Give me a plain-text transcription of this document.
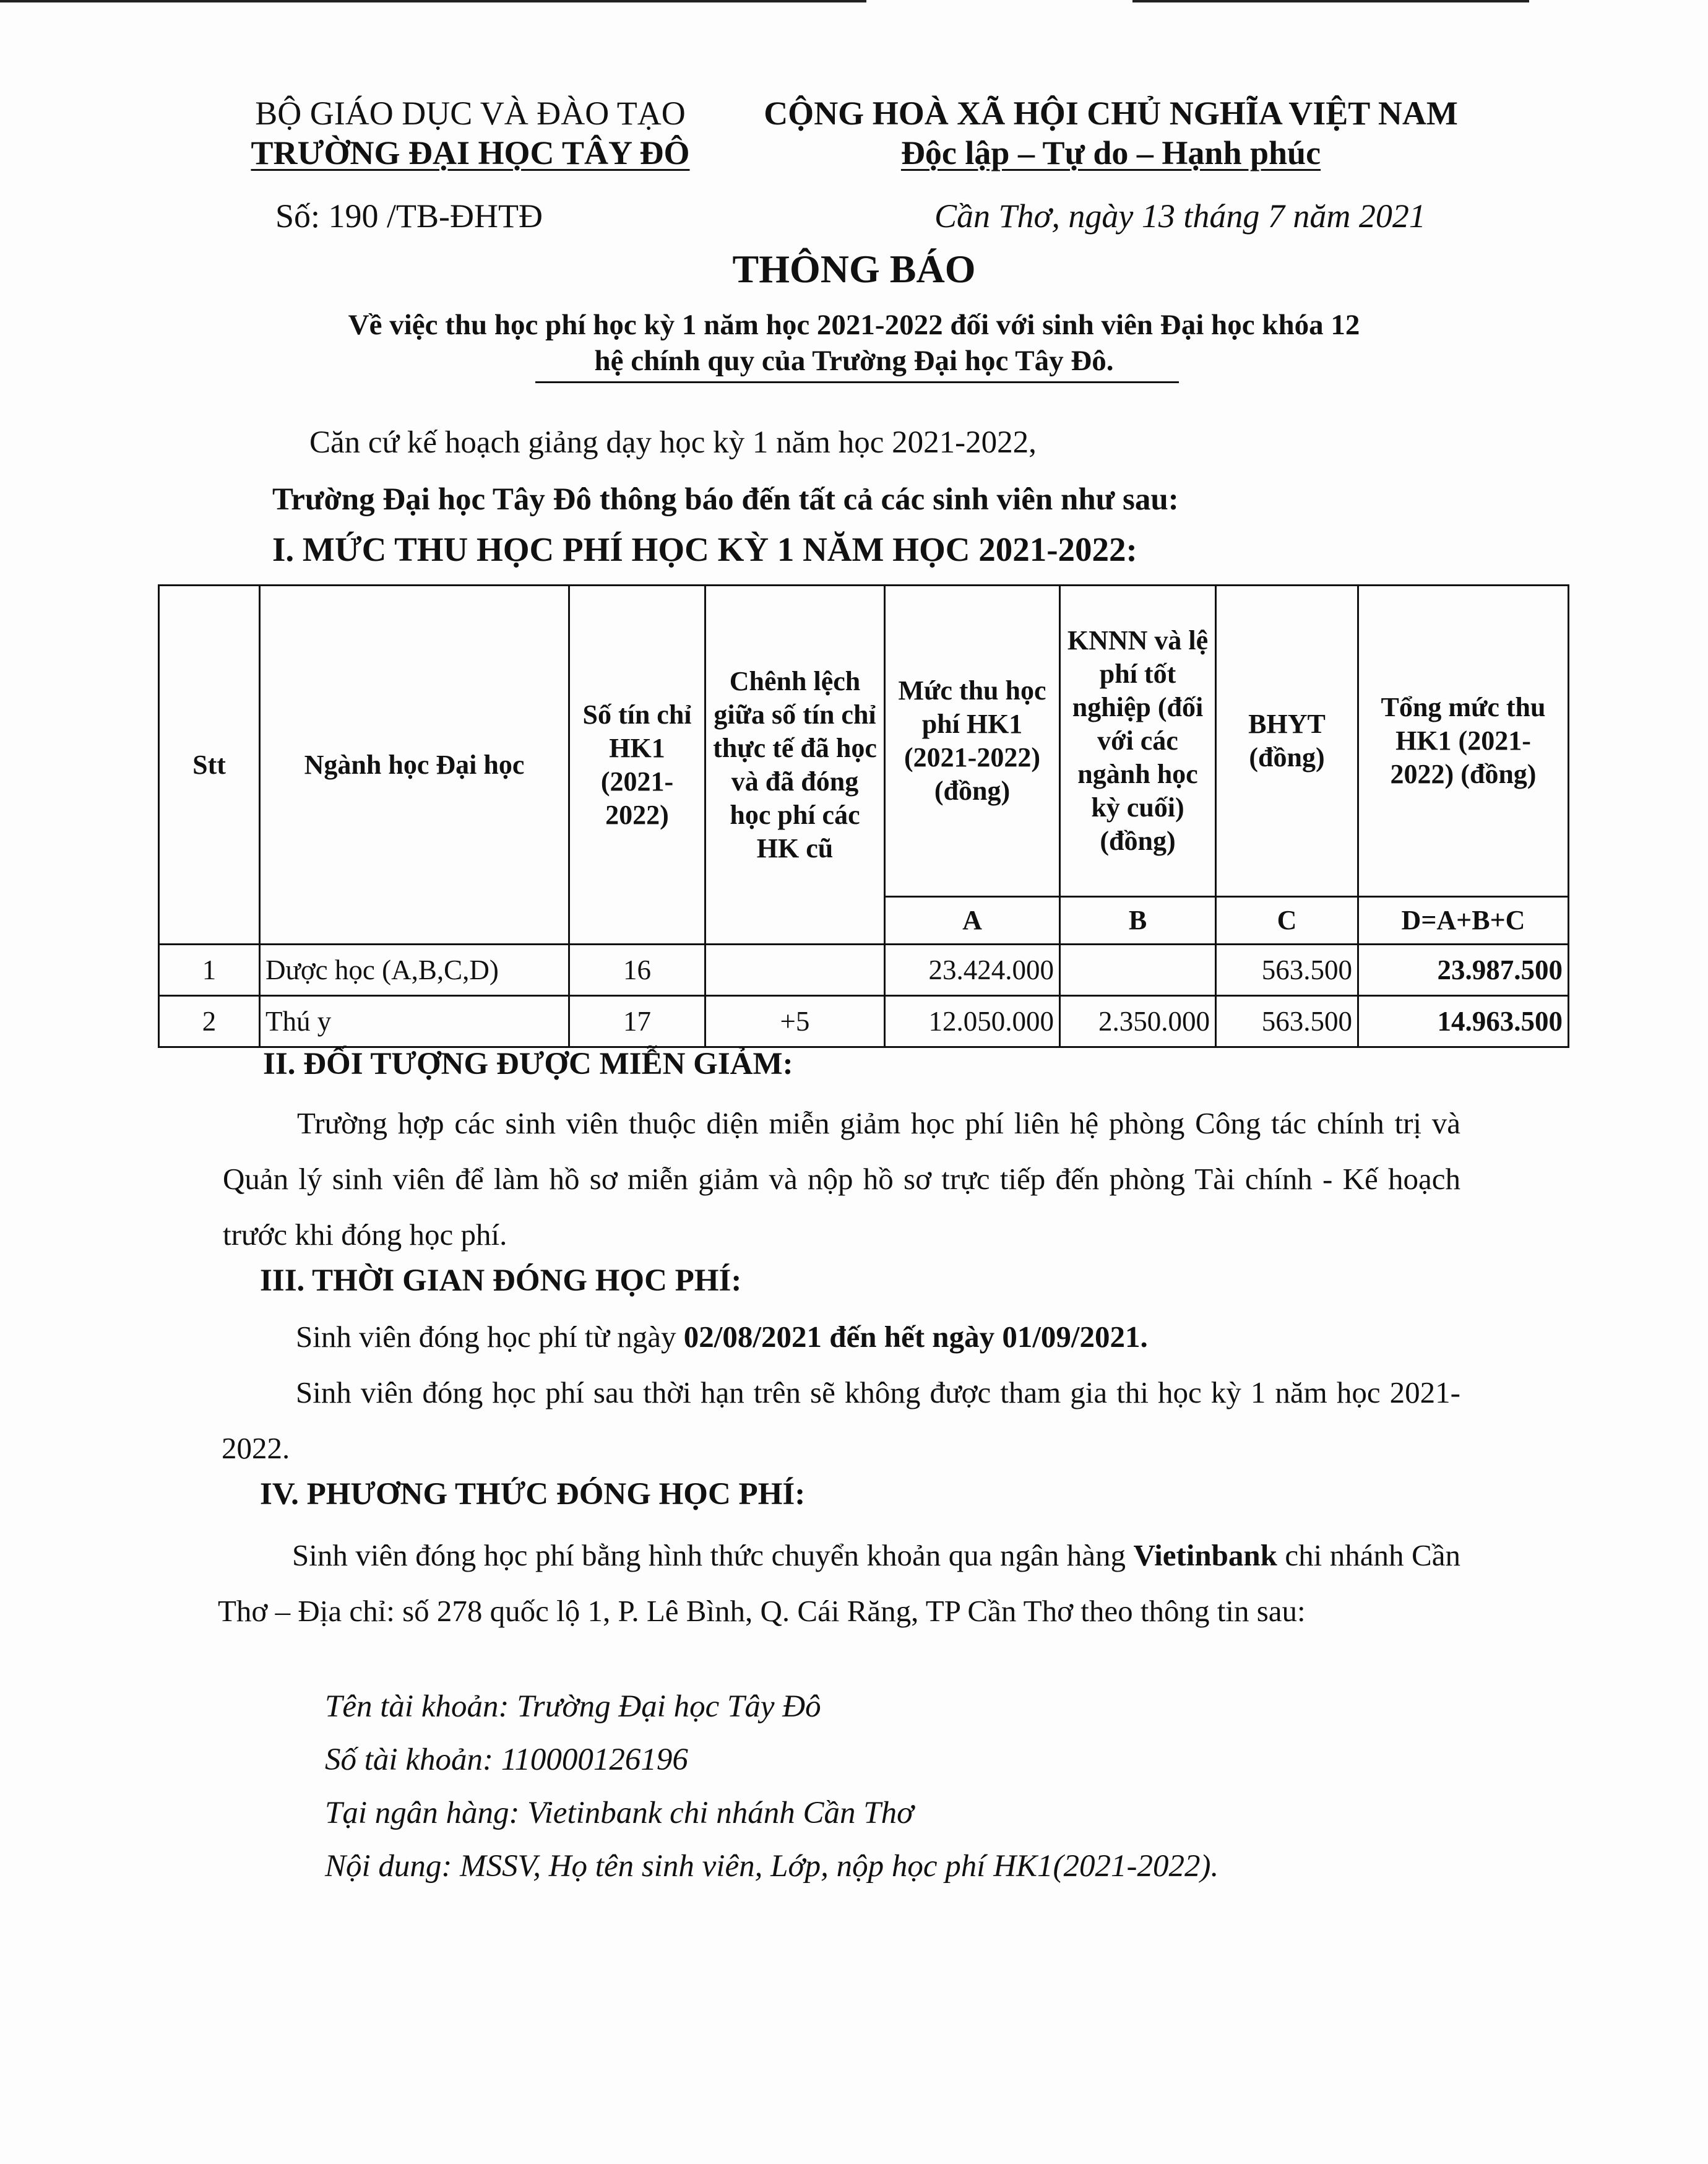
BỘ GIÁO DỤC VÀ ĐÀO TẠO
TRƯỜNG ĐẠI HỌC TÂY ĐÔ
Số: 190 /TB-ĐHTĐ
CỘNG HOÀ XÃ HỘI CHỦ NGHĨA VIỆT NAM
Độc lập – Tự do – Hạnh phúc
Cần Thơ, ngày 13 tháng 7 năm 2021
THÔNG BÁO
Về việc thu học phí học kỳ 1 năm học 2021-2022 đối với sinh viên Đại học khóa 12
hệ chính quy của Trường Đại học Tây Đô.
Căn cứ kế hoạch giảng dạy học kỳ 1 năm học 2021-2022,
Trường Đại học Tây Đô thông báo đến tất cả các sinh viên như sau:
I. MỨC THU HỌC PHÍ HỌC KỲ 1 NĂM HỌC 2021-2022:
Stt	Ngành học Đại học	Số tín chỉ HK1 (2021-2022)	Chênh lệch giữa số tín chỉ thực tế đã học và đã đóng học phí các HK cũ	Mức thu học phí HK1 (2021-2022) (đồng)	KNNN và lệ phí tốt nghiệp (đối với các ngành học kỳ cuối) (đồng)	BHYT (đồng)	Tổng mức thu HK1 (2021-2022) (đồng)
				A	B	C	D=A+B+C
1	Dược học (A,B,C,D)	16		23.424.000		563.500	23.987.500
2	Thú y	17	+5	12.050.000	2.350.000	563.500	14.963.500
II. ĐỐI TƯỢNG ĐƯỢC MIỄN GIẢM:
Trường hợp các sinh viên thuộc diện miễn giảm học phí liên hệ phòng Công tác chính trị và Quản lý sinh viên để làm hồ sơ miễn giảm và nộp hồ sơ trực tiếp đến phòng Tài chính - Kế hoạch trước khi đóng học phí.
III. THỜI GIAN ĐÓNG HỌC PHÍ:
Sinh viên đóng học phí từ ngày 02/08/2021 đến hết ngày 01/09/2021.
Sinh viên đóng học phí sau thời hạn trên sẽ không được tham gia thi học kỳ 1 năm học 2021-2022.
IV. PHƯƠNG THỨC ĐÓNG HỌC PHÍ:
Sinh viên đóng học phí bằng hình thức chuyển khoản qua ngân hàng Vietinbank chi nhánh Cần Thơ – Địa chỉ: số 278 quốc lộ 1, P. Lê Bình, Q. Cái Răng, TP Cần Thơ theo thông tin sau:
Tên tài khoản: Trường Đại học Tây Đô
Số tài khoản: 110000126196
Tại ngân hàng: Vietinbank chi nhánh Cần Thơ
Nội dung: MSSV, Họ tên sinh viên, Lớp, nộp học phí HK1(2021-2022).
